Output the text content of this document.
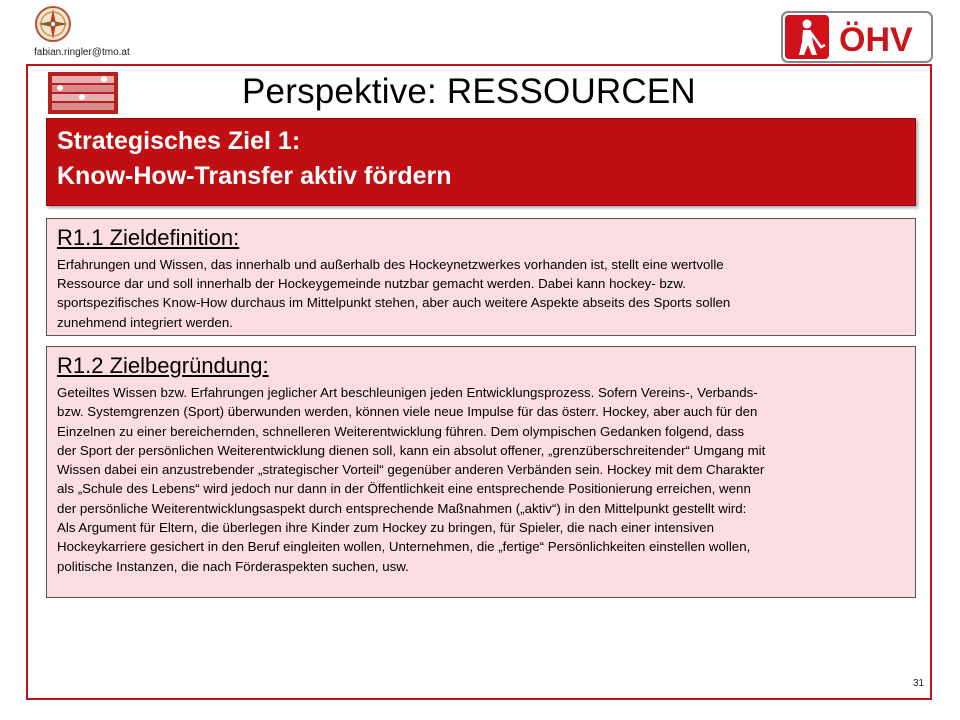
fabian.ringler@tmo.at	ÖHV
Perspektive: RESSOURCEN
Strategisches Ziel 1:
Know-How-Transfer aktiv fördern
R1.1 Zieldefinition:
Erfahrungen und Wissen, das innerhalb und außerhalb des Hockeynetzwerkes vorhanden ist, stellt eine wertvolle
Ressource dar und soll innerhalb der Hockeygemeinde nutzbar gemacht werden. Dabei kann hockey- bzw.
sportspezifisches Know-How durchaus im Mittelpunkt stehen, aber auch weitere Aspekte abseits des Sports sollen
zunehmend integriert werden.
R1.2 Zielbegründung:
Geteiltes Wissen bzw. Erfahrungen jeglicher Art beschleunigen jeden Entwicklungsprozess. Sofern Vereins-, Verbands-
bzw. Systemgrenzen (Sport) überwunden werden, können viele neue Impulse für das österr. Hockey, aber auch für den
Einzelnen zu einer bereichernden, schnelleren Weiterentwicklung führen. Dem olympischen Gedanken folgend, dass
der Sport der persönlichen Weiterentwicklung dienen soll, kann ein absolut offener, „grenzüberschreitender“ Umgang mit
Wissen dabei ein anzustrebender „strategischer Vorteil“ gegenüber anderen Verbänden sein. Hockey mit dem Charakter
als „Schule des Lebens“ wird jedoch nur dann in der Öffentlichkeit eine entsprechende Positionierung erreichen, wenn
der persönliche Weiterentwicklungsaspekt durch entsprechende Maßnahmen („aktiv“) in den Mittelpunkt gestellt wird:
Als Argument für Eltern, die überlegen ihre Kinder zum Hockey zu bringen, für Spieler, die nach einer intensiven
Hockeykarriere gesichert in den Beruf eingleiten wollen, Unternehmen, die „fertige“ Persönlichkeiten einstellen wollen,
politische Instanzen, die nach Förderaspekten suchen, usw.
31
